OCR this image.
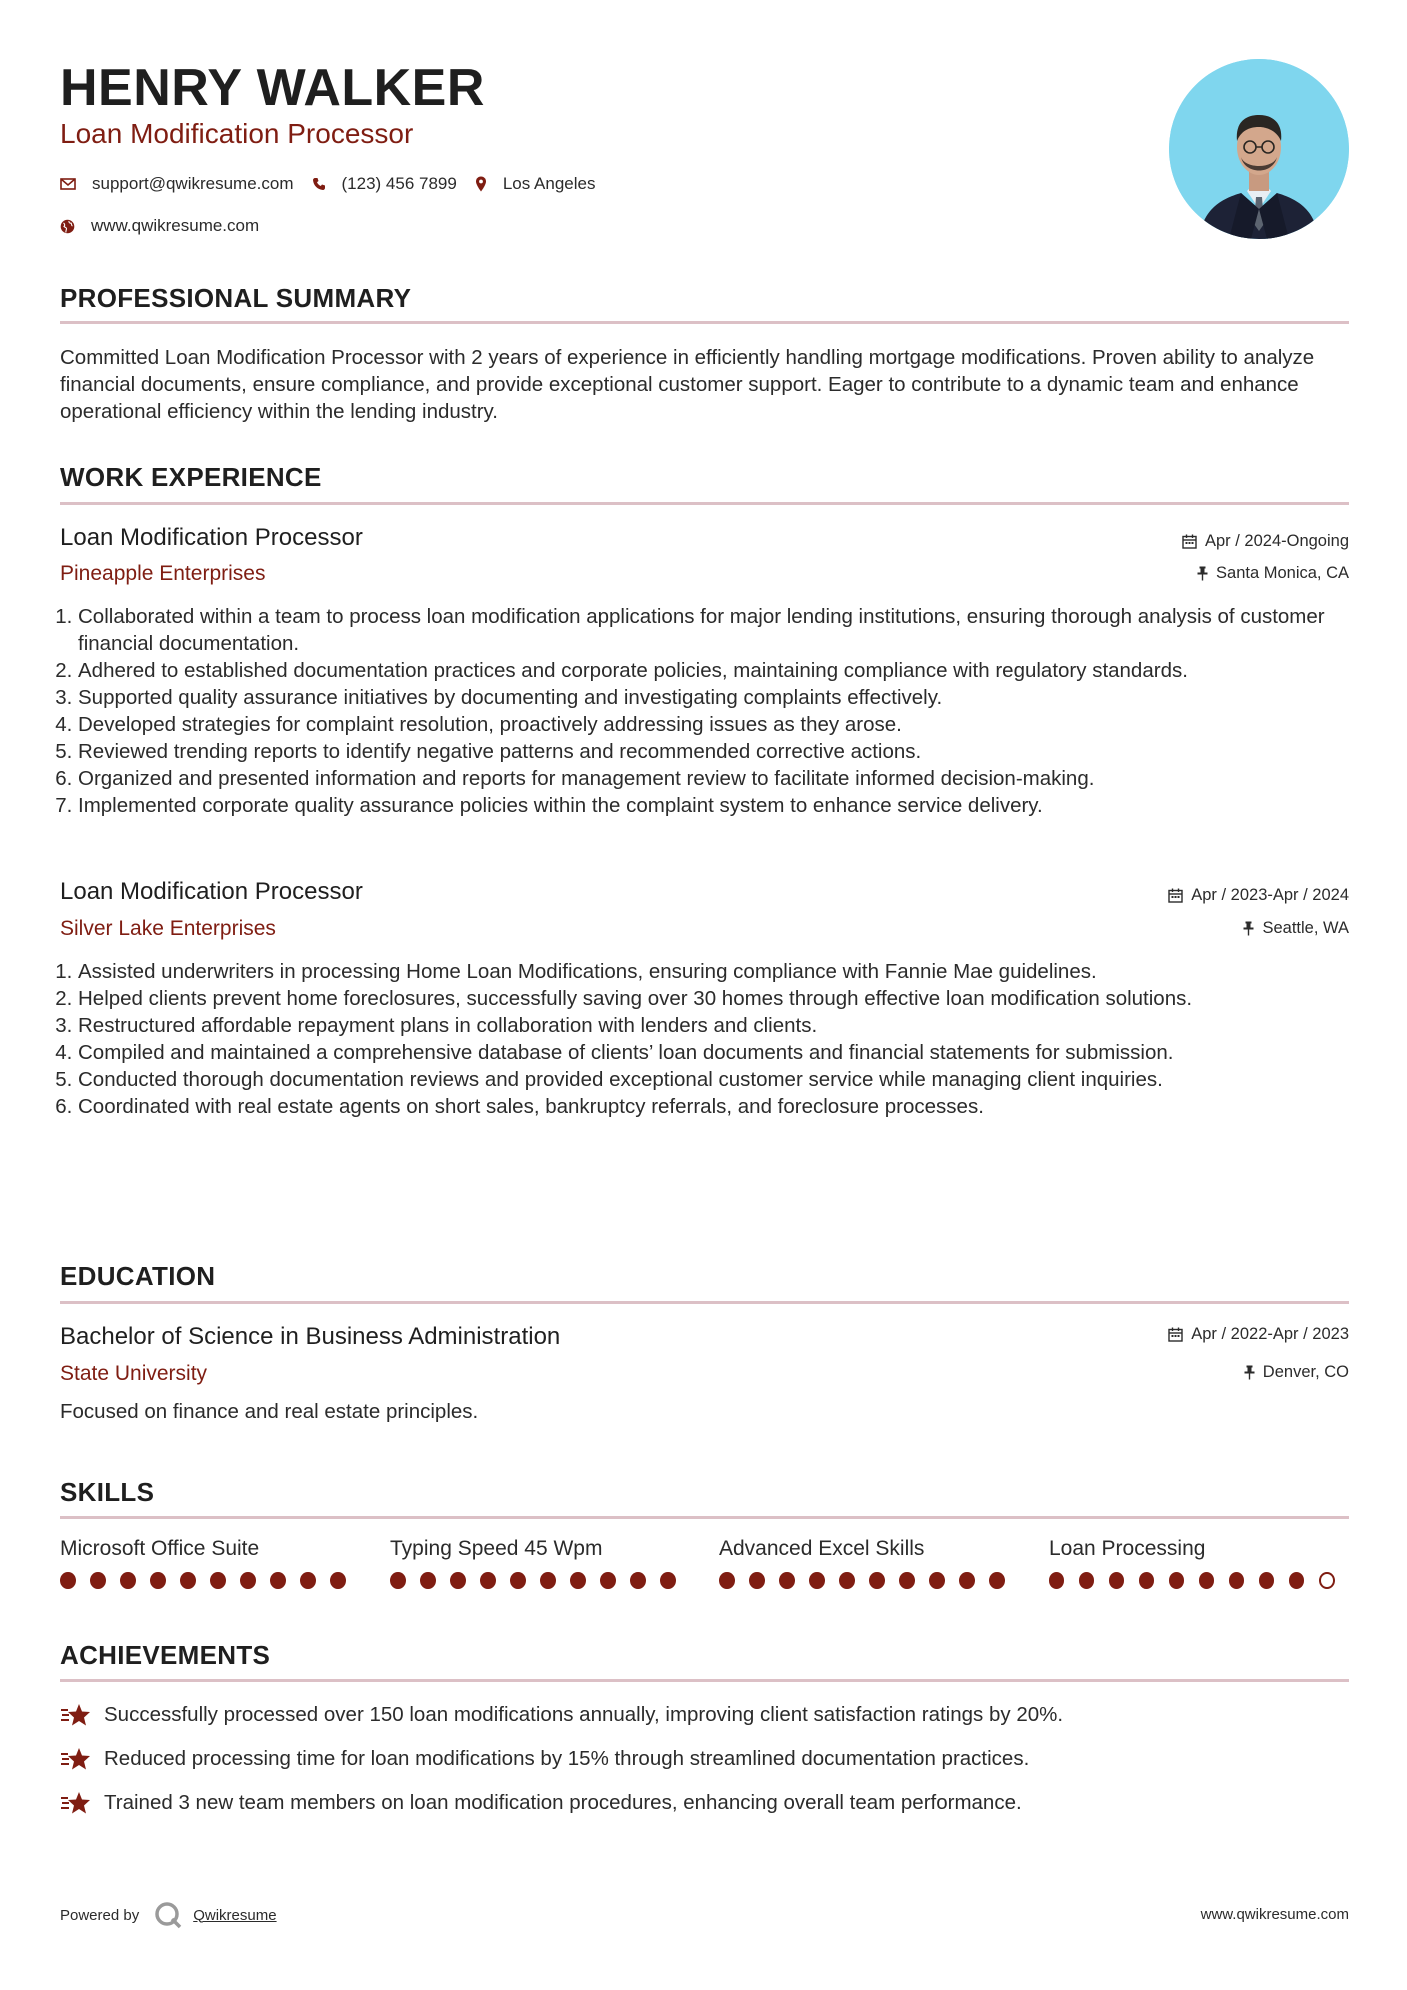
HENRY WALKER
Loan Modification Processor
support@qwikresume.com	(123) 456 7899	Los Angeles
www.qwikresume.com
PROFESSIONAL SUMMARY
Committed Loan Modification Processor with 2 years of experience in efficiently handling mortgage modifications. Proven ability to analyze financial documents, ensure compliance, and provide exceptional customer support. Eager to contribute to a dynamic team and enhance operational efficiency within the lending industry.
WORK EXPERIENCE
Loan Modification Processor
Pineapple Enterprises
Apr / 2024-Ongoing
Santa Monica, CA
1. Collaborated within a team to process loan modification applications for major lending institutions, ensuring thorough analysis of customer financial documentation.
2. Adhered to established documentation practices and corporate policies, maintaining compliance with regulatory standards.
3. Supported quality assurance initiatives by documenting and investigating complaints effectively.
4. Developed strategies for complaint resolution, proactively addressing issues as they arose.
5. Reviewed trending reports to identify negative patterns and recommended corrective actions.
6. Organized and presented information and reports for management review to facilitate informed decision-making.
7. Implemented corporate quality assurance policies within the complaint system to enhance service delivery.
Loan Modification Processor
Silver Lake Enterprises
Apr / 2023-Apr / 2024
Seattle, WA
1. Assisted underwriters in processing Home Loan Modifications, ensuring compliance with Fannie Mae guidelines.
2. Helped clients prevent home foreclosures, successfully saving over 30 homes through effective loan modification solutions.
3. Restructured affordable repayment plans in collaboration with lenders and clients.
4. Compiled and maintained a comprehensive database of clients’ loan documents and financial statements for submission.
5. Conducted thorough documentation reviews and provided exceptional customer service while managing client inquiries.
6. Coordinated with real estate agents on short sales, bankruptcy referrals, and foreclosure processes.
EDUCATION
Bachelor of Science in Business Administration
State University
Apr / 2022-Apr / 2023
Denver, CO
Focused on finance and real estate principles.
SKILLS
Microsoft Office Suite	Typing Speed 45 Wpm	Advanced Excel Skills	Loan Processing
ACHIEVEMENTS
Successfully processed over 150 loan modifications annually, improving client satisfaction ratings by 20%.
Reduced processing time for loan modifications by 15% through streamlined documentation practices.
Trained 3 new team members on loan modification procedures, enhancing overall team performance.
Powered by	Qwikresume	www.qwikresume.com
